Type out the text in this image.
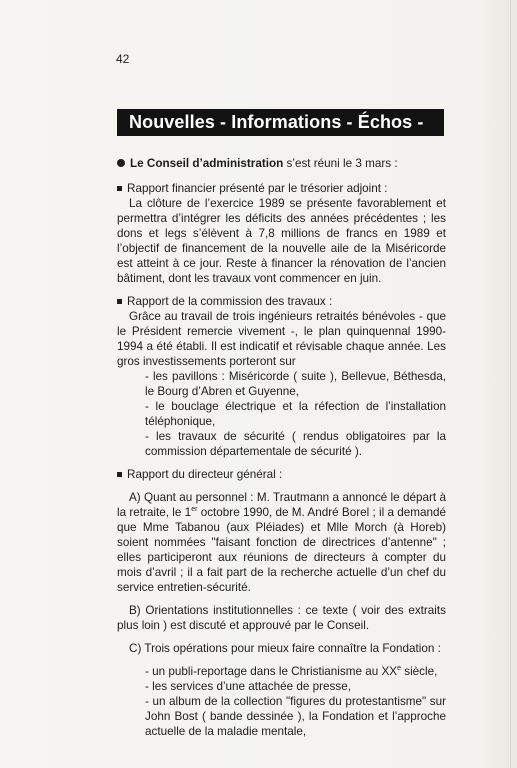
42
Nouvelles - Informations - Échos -

Le Conseil d’administration s’est réuni le 3 mars :

Rapport financier présenté par le trésorier adjoint :

La clôture de l’exercice 1989 se présente favorablement et permettra d’intégrer les déficits des années précédentes ; les dons et legs s’élèvent à 7,8 millions de francs en 1989 et l’objectif de financement de la nouvelle aile de la Miséricorde est atteint à ce jour. Reste à financer la rénovation de l’ancien bâtiment, dont les travaux vont commencer en juin.

Rapport de la commission des travaux :

Grâce au travail de trois ingénieurs retraités bénévoles - que le Président remercie vivement -, le plan quinquennal 1990-1994 a été établi. Il est indicatif et révisable chaque année. Les gros investissements porteront sur

- les pavillons : Miséricorde ( suite ), Bellevue, Béthesda, le Bourg d’Abren et Guyenne,

- le bouclage électrique et la réfection de l’installation téléphonique,

- les travaux de sécurité ( rendus obligatoires par la commission départementale de sécurité ).

Rapport du directeur général :

A) Quant au personnel : M. Trautmann a annoncé le départ à la retraite, le 1er octobre 1990, de M. André Borel ; il a demandé que Mme Tabanou (aux Pléiades) et Mlle Morch (à Horeb) soient nommées "faisant fonction de directrices d’antenne" ; elles participeront aux réunions de directeurs à compter du mois d’avril ; il a fait part de la recherche actuelle d’un chef du service entretien-sécurité.

B) Orientations institutionnelles : ce texte ( voir des extraits plus loin ) est discuté et approuvé par le Conseil.

C) Trois opérations pour mieux faire connaître la Fondation :

- un publi-reportage dans le Christianisme au XXe siècle,

- les services d’une attachée de presse,

- un album de la collection "figures du protestantisme" sur John Bost ( bande dessinée ), la Fondation et l’approche actuelle de la maladie mentale,
